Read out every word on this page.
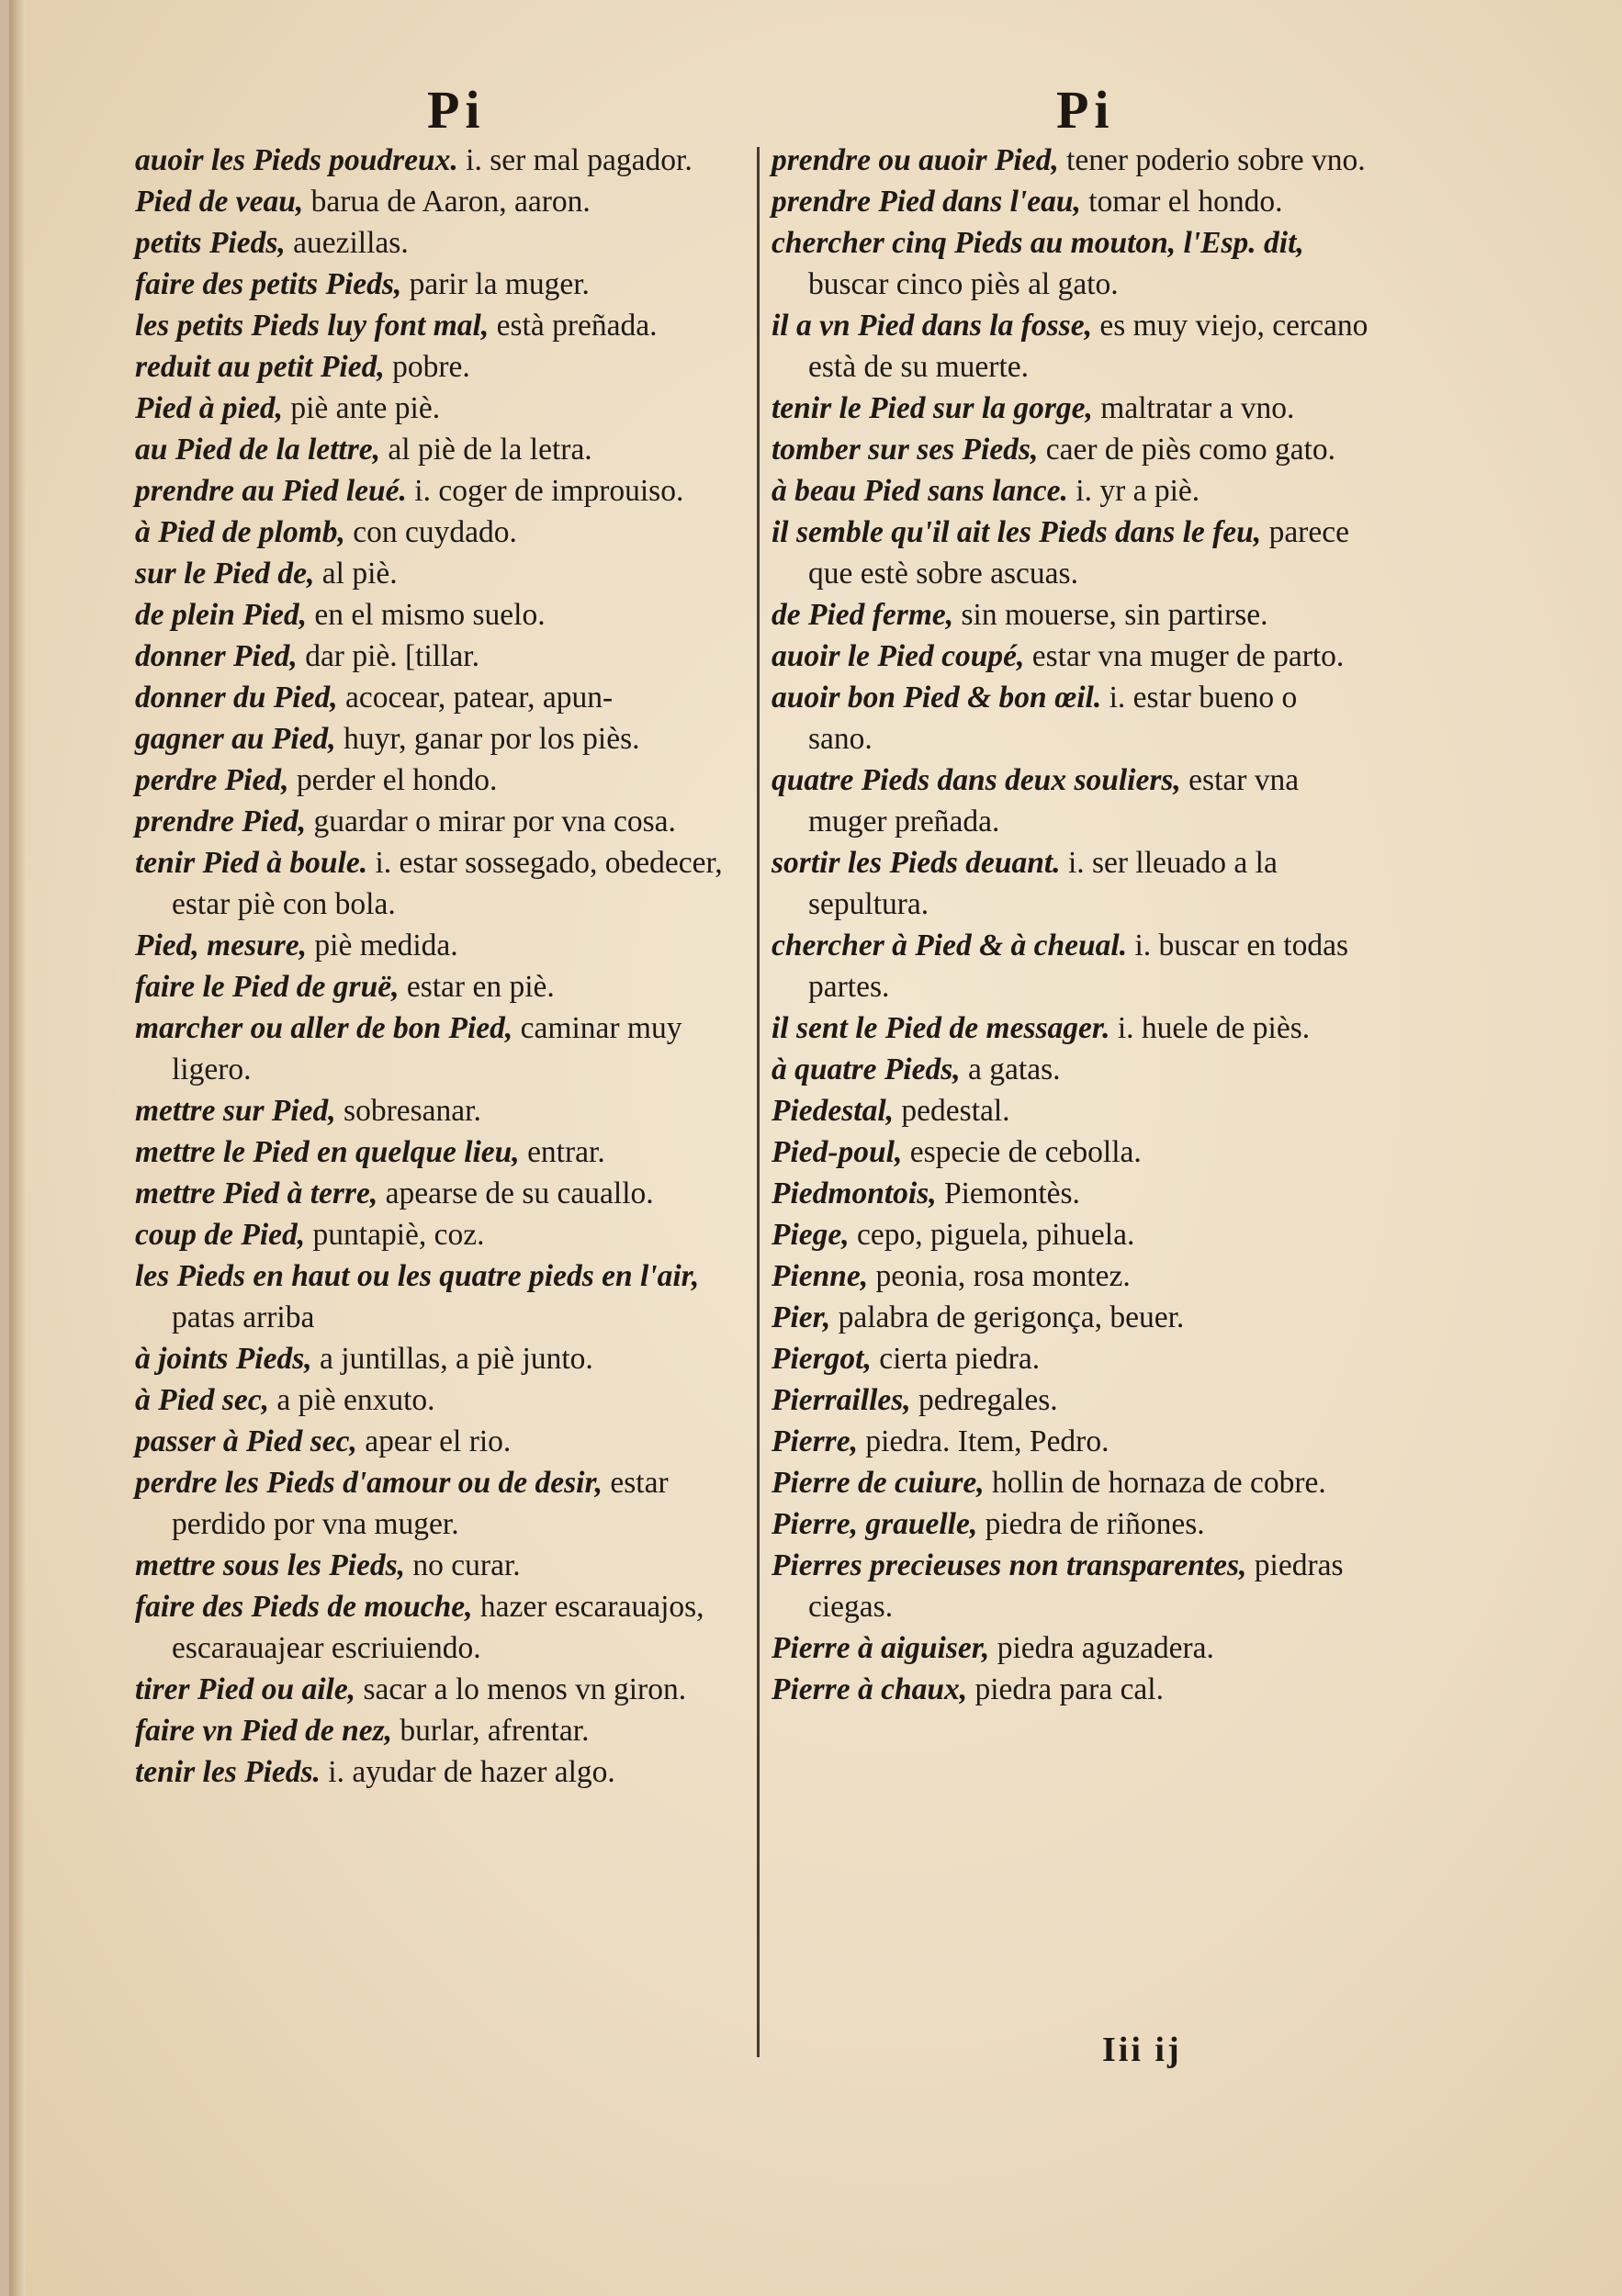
Pi	Pi

auoir les Pieds poudreux. i. ser mal pagador.

Pied de veau, barua de Aaron, aaron.

petits Pieds, auezillas.

faire des petits Pieds, parir la muger.

les petits Pieds luy font mal, està preñada.

reduit au petit Pied, pobre.

Pied à pied, piè ante piè.

au Pied de la lettre, al piè de la letra.

prendre au Pied leué. i. coger de improuiso.

à Pied de plomb, con cuydado.

sur le Pied de, al piè.

de plein Pied, en el mismo suelo.

donner Pied, dar piè. [tillar.

donner du Pied, acocear, patear, apun-

gagner au Pied, huyr, ganar por los piès.

perdre Pied, perder el hondo.

prendre Pied, guardar o mirar por vna cosa.

tenir Pied à boule. i. estar sossegado, obedecer, estar piè con bola.

Pied, mesure, piè medida.

faire le Pied de gruë, estar en piè.

marcher ou aller de bon Pied, caminar muy ligero.

mettre sur Pied, sobresanar.

mettre le Pied en quelque lieu, entrar.

mettre Pied à terre, apearse de su cauallo.

coup de Pied, puntapiè, coz.

les Pieds en haut ou les quatre pieds en l'air, patas arriba

à joints Pieds, a juntillas, a piè junto.

à Pied sec, a piè enxuto.

passer à Pied sec, apear el rio.

perdre les Pieds d'amour ou de desir, estar perdido por vna muger.

mettre sous les Pieds, no curar.

faire des Pieds de mouche, hazer escarauajos, escarauajear escriuiendo.

tirer Pied ou aile, sacar a lo menos vn giron.

faire vn Pied de nez, burlar, afrentar.

tenir les Pieds. i. ayudar de hazer algo.

prendre ou auoir Pied, tener poderio sobre vno.

prendre Pied dans l'eau, tomar el hondo.

chercher cinq Pieds au mouton, l'Esp. dit, buscar cinco piès al gato.

il a vn Pied dans la fosse, es muy viejo, cercano està de su muerte.

tenir le Pied sur la gorge, maltratar a vno.

tomber sur ses Pieds, caer de piès como gato.

à beau Pied sans lance. i. yr a piè.

il semble qu'il ait les Pieds dans le feu, parece que estè sobre ascuas.

de Pied ferme, sin mouerse, sin partirse.

auoir le Pied coupé, estar vna muger de parto.

auoir bon Pied & bon œil. i. estar bueno o sano.

quatre Pieds dans deux souliers, estar vna muger preñada.

sortir les Pieds deuant. i. ser lleuado a la sepultura.

chercher à Pied & à cheual. i. buscar en todas partes.

il sent le Pied de messager. i. huele de piès.

à quatre Pieds, a gatas.

Piedestal, pedestal.

Pied-poul, especie de cebolla.

Piedmontois, Piemontès.

Piege, cepo, piguela, pihuela.

Pienne, peonia, rosa montez.

Pier, palabra de gerigonça, beuer.

Piergot, cierta piedra.

Pierrailles, pedregales.

Pierre, piedra. Item, Pedro.

Pierre de cuiure, hollin de hornaza de cobre.

Pierre, grauelle, piedra de riñones.

Pierres precieuses non transparentes, piedras ciegas.

Pierre à aiguiser, piedra aguzadera.

Pierre à chaux, piedra para cal.

Iii ij
